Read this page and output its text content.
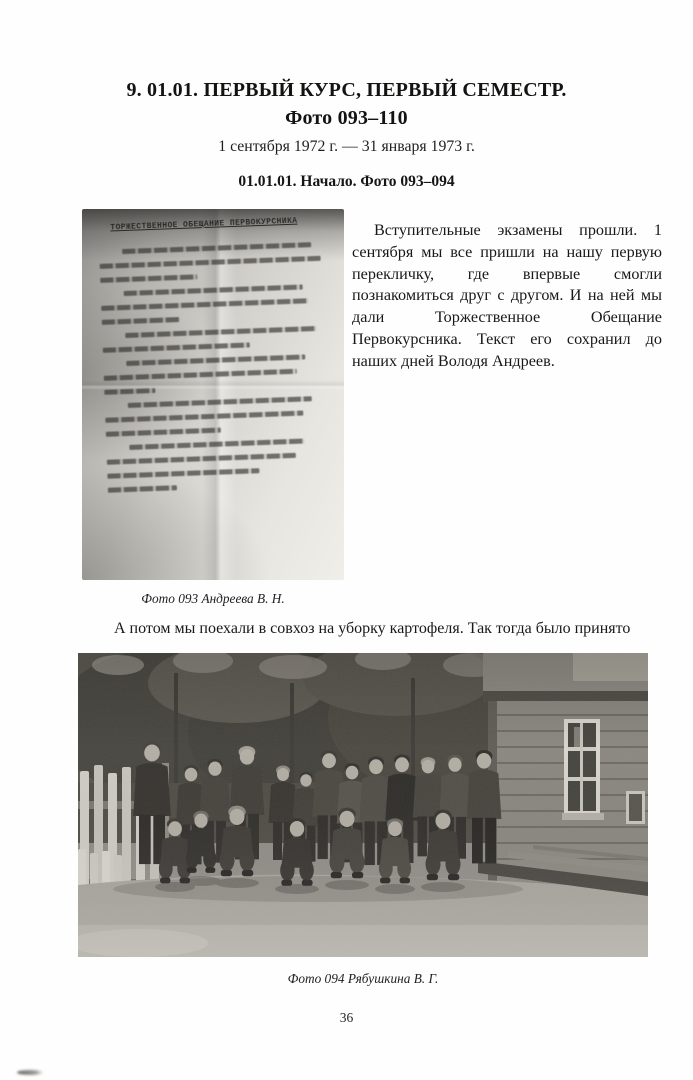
9. 01.01. ПЕРВЫЙ КУРС, ПЕРВЫЙ СЕМЕСТР.
Фото 093–110
1 сентября 1972 г. — 31 января 1973 г.
01.01.01. Начало. Фото 093–094
ТОРЖЕСТВЕННОЕ ОБЕЩАНИЕ ПЕРВОКУРСНИКА
Фото 093 Андреева В. Н.

Вступительные экзамены прошли. 1 сентября мы все пришли на нашу первую перекличку, где впервые смогли познакомиться друг с другом. И на ней мы дали Торжественное Обещание Первокурсника. Текст его сохранил до наших дней Володя Андреев.

А потом мы поехали в совхоз на уборку картофеля. Так тогда было принято

Фото 094 Рябушкина В. Г.
36
